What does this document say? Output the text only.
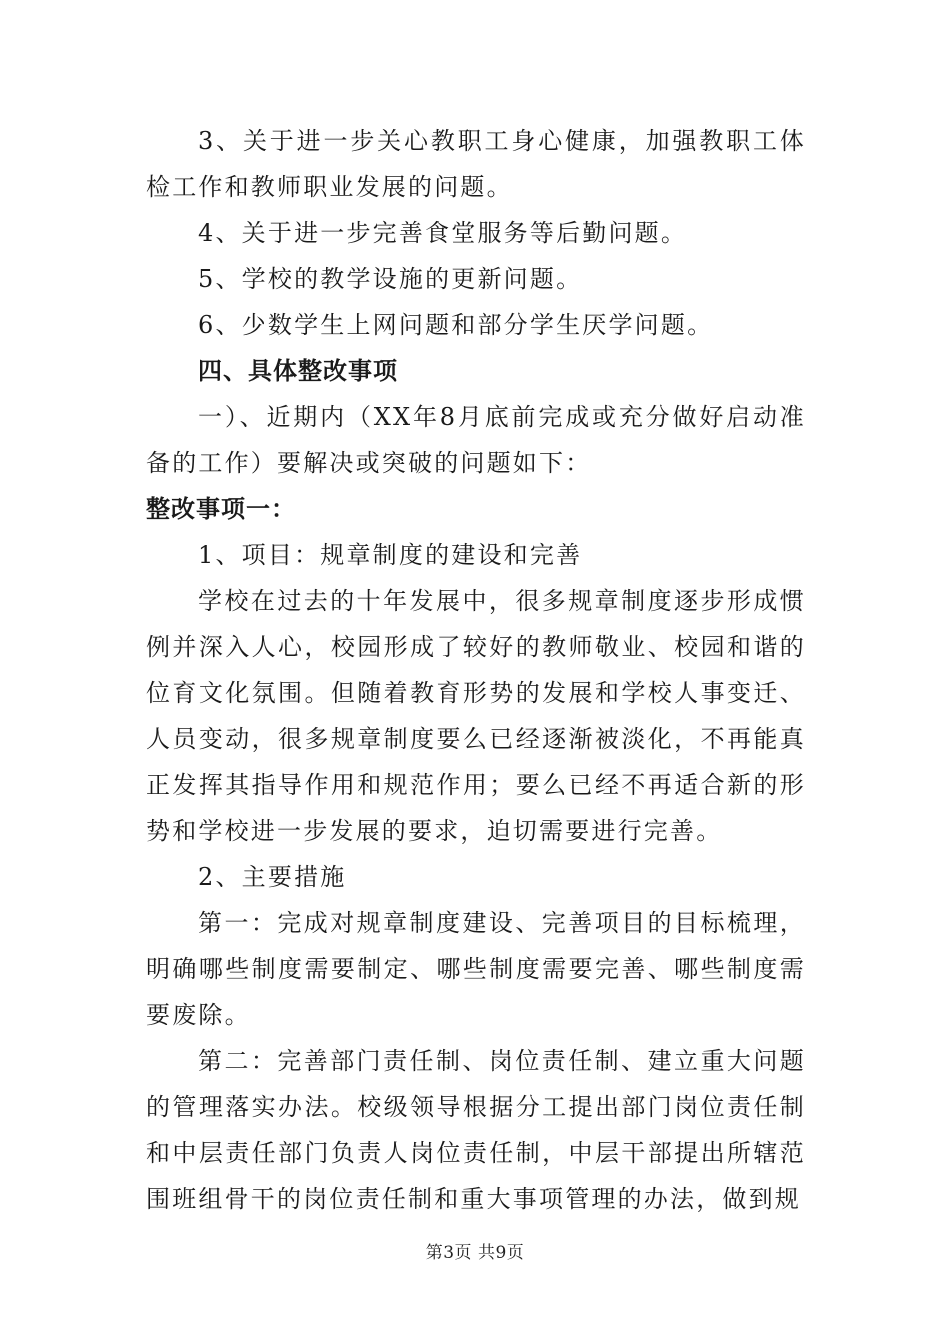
3、关于进一步关心教职工身心健康，加强教职工体检工作和教师职业发展的问题。

4、关于进一步完善食堂服务等后勤问题。

5、学校的教学设施的更新问题。

6、少数学生上网问题和部分学生厌学问题。

四、具体整改事项

一）、近期内（XX年8月底前完成或充分做好启动准备的工作）要解决或突破的问题如下：

整改事项一：

1、项目：规章制度的建设和完善

学校在过去的十年发展中，很多规章制度逐步形成惯例并深入人心，校园形成了较好的教师敬业、校园和谐的位育文化氛围。但随着教育形势的发展和学校人事变迁、人员变动，很多规章制度要么已经逐渐被淡化，不再能真正发挥其指导作用和规范作用；要么已经不再适合新的形势和学校进一步发展的要求，迫切需要进行完善。

2、主要措施

第一：完成对规章制度建设、完善项目的目标梳理，明确哪些制度需要制定、哪些制度需要完善、哪些制度需要废除。

第二：完善部门责任制、岗位责任制、建立重大问题的管理落实办法。校级领导根据分工提出部门岗位责任制和中层责任部门负责人岗位责任制，中层干部提出所辖范围班组骨干的岗位责任制和重大事项管理的办法，做到规

第3页 共9页
